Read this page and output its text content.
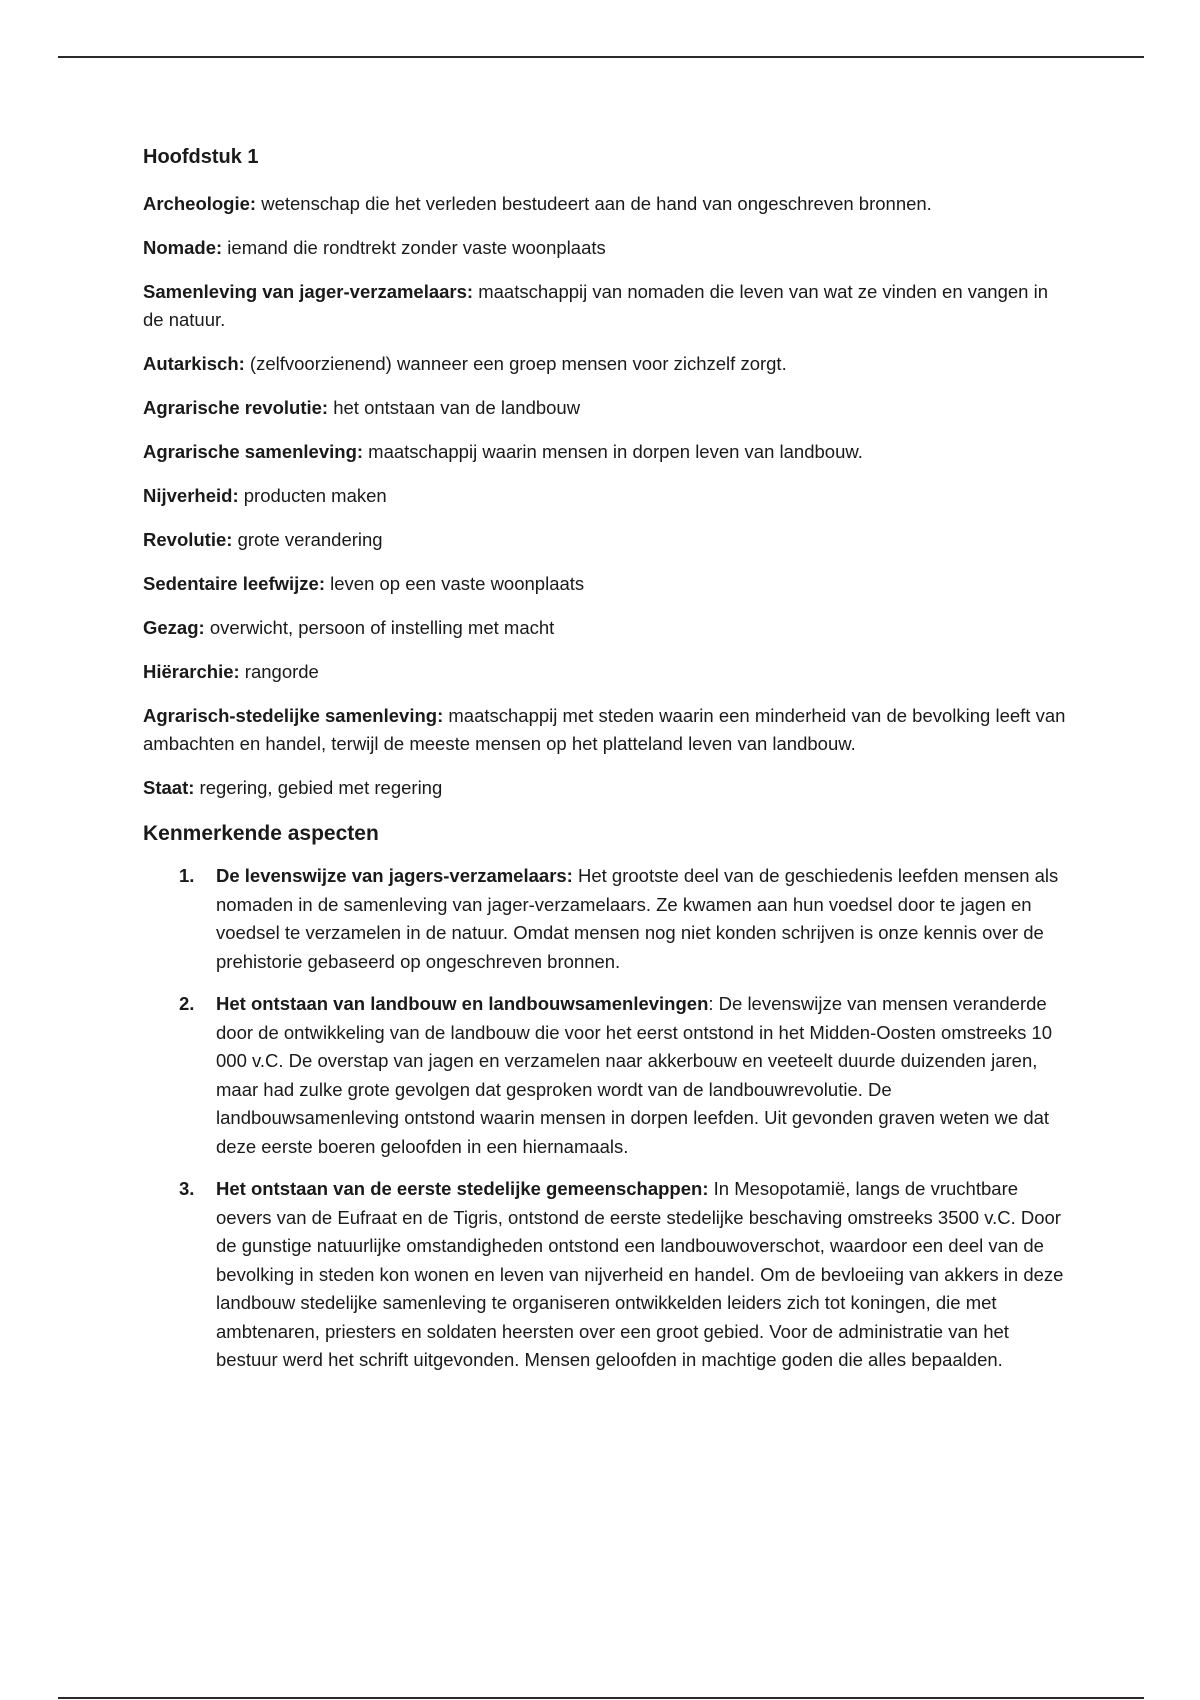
Hoofdstuk 1

Archeologie: wetenschap die het verleden bestudeert aan de hand van ongeschreven bronnen.

Nomade: iemand die rondtrekt zonder vaste woonplaats

Samenleving van jager-verzamelaars: maatschappij van nomaden die leven van wat ze vinden en vangen in de natuur.

Autarkisch: (zelfvoorzienend) wanneer een groep mensen voor zichzelf zorgt.

Agrarische revolutie: het ontstaan van de landbouw

Agrarische samenleving: maatschappij waarin mensen in dorpen leven van landbouw.

Nijverheid: producten maken

Revolutie: grote verandering

Sedentaire leefwijze: leven op een vaste woonplaats

Gezag: overwicht, persoon of instelling met macht

Hiërarchie: rangorde

Agrarisch-stedelijke samenleving: maatschappij met steden waarin een minderheid van de bevolking leeft van ambachten en handel, terwijl de meeste mensen op het platteland leven van landbouw.

Staat: regering, gebied met regering

Kenmerkende aspecten
1. De levenswijze van jagers-verzamelaars: Het grootste deel van de geschiedenis leefden mensen als nomaden in de samenleving van jager-verzamelaars. Ze kwamen aan hun voedsel door te jagen en voedsel te verzamelen in de natuur. Omdat mensen nog niet konden schrijven is onze kennis over de prehistorie gebaseerd op ongeschreven bronnen.
2. Het ontstaan van landbouw en landbouwsamenlevingen: De levenswijze van mensen veranderde door de ontwikkeling van de landbouw die voor het eerst ontstond in het Midden-Oosten omstreeks 10 000 v.C. De overstap van jagen en verzamelen naar akkerbouw en veeteelt duurde duizenden jaren, maar had zulke grote gevolgen dat gesproken wordt van de landbouwrevolutie. De landbouwsamenleving ontstond waarin mensen in dorpen leefden. Uit gevonden graven weten we dat deze eerste boeren geloofden in een hiernamaals.
3. Het ontstaan van de eerste stedelijke gemeenschappen: In Mesopotamië, langs de vruchtbare oevers van de Eufraat en de Tigris, ontstond de eerste stedelijke beschaving omstreeks 3500 v.C. Door de gunstige natuurlijke omstandigheden ontstond een landbouwoverschot, waardoor een deel van de bevolking in steden kon wonen en leven van nijverheid en handel. Om de bevloeiing van akkers in deze landbouw stedelijke samenleving te organiseren ontwikkelden leiders zich tot koningen, die met ambtenaren, priesters en soldaten heersten over een groot gebied. Voor de administratie van het bestuur werd het schrift uitgevonden. Mensen geloofden in machtige goden die alles bepaalden.
